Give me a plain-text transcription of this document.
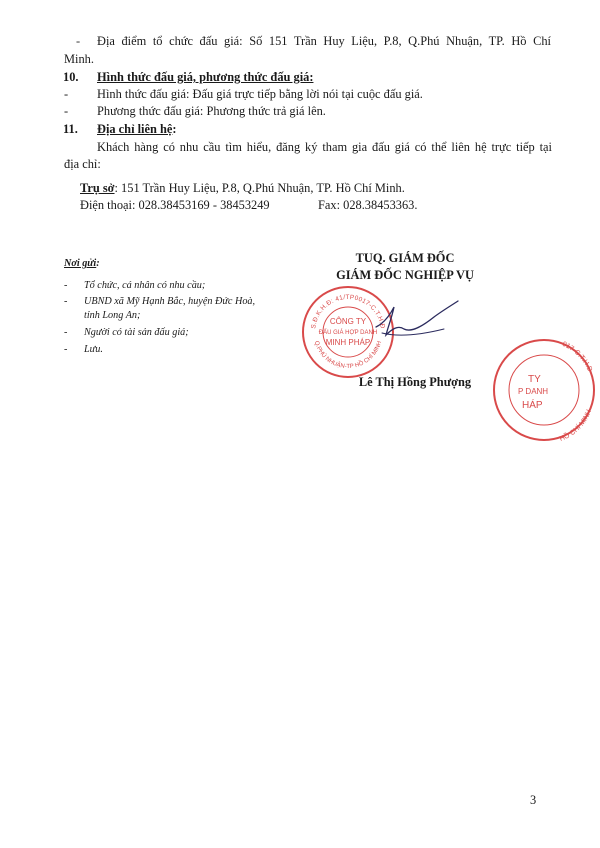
- Địa điểm tổ chức đấu giá: Số 151 Trần Huy Liệu, P.8, Q.Phú Nhuận, TP. Hồ Chí
Minh.
10. Hình thức đấu giá, phương thức đấu giá:
- Hình thức đấu giá: Đấu giá trực tiếp bằng lời nói tại cuộc đấu giá.
- Phương thức đấu giá: Phương thức trả giá lên.
11. Địa chỉ liên hệ:
Khách hàng có nhu cầu tìm hiểu, đăng ký tham gia đấu giá có thể liên hệ trực tiếp tại
địa chỉ:
Trụ sở: 151 Trần Huy Liệu, P.8, Q.Phú Nhuận, TP. Hồ Chí Minh.
Điện thoại: 028.38453169 - 38453249	Fax: 028.38453363.
Nơi gửi:
- Tổ chức, cá nhân có nhu cầu;
- UBND xã Mỹ Hạnh Bắc, huyện Đức Hoà,
tỉnh Long An;
- Người có tài sản đấu giá;
- Lưu.
TUQ. GIÁM ĐỐC
GIÁM ĐỐC NGHIỆP VỤ
S.Đ.K.H.Đ: 41/TP0017-C.T.H.Đ
Q.PHÚ NHUẬN-TP HỒ CHÍ MINH
CÔNG TY
ĐẤU GIÁ HỢP DANH
MINH PHÁP
Lê Thị Hồng Phượng
017-C.T.H.Đ
HỒ CHÍ MINH
TY
P DANH
HÁP
3
